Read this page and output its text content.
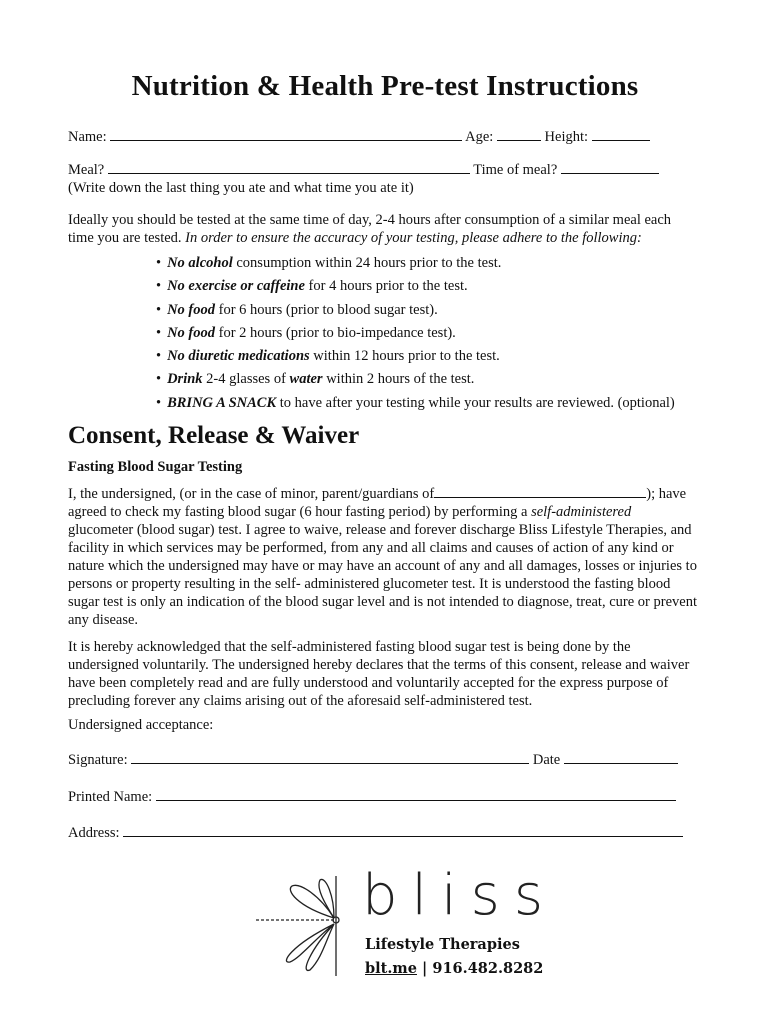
Nutrition & Health Pre-test Instructions
Name:	Age:	Height:
Meal?	Time of meal?
(Write down the last thing you ate and what time you ate it)
Ideally you should be tested at the same time of day, 2-4 hours after consumption of a similar meal each time you are tested. In order to ensure the accuracy of your testing, please adhere to the following:
• No alcohol consumption within 24 hours prior to the test.
• No exercise or caffeine for 4 hours prior to the test.
• No food for 6 hours (prior to blood sugar test).
• No food for 2 hours (prior to bio-impedance test).
• No diuretic medications within 12 hours prior to the test.
• Drink 2-4 glasses of water within 2 hours of the test.
• BRING A SNACK to have after your testing while your results are reviewed. (optional)
Consent, Release & Waiver
Fasting Blood Sugar Testing
I, the undersigned, (or in the case of minor, parent/guardians of	); have agreed to check my fasting blood sugar (6 hour fasting period) by performing a self-administered glucometer (blood sugar) test. I agree to waive, release and forever discharge Bliss Lifestyle Therapies, and facility in which services may be performed, from any and all claims and causes of action of any kind or nature which the undersigned may have or may have an account of any and all damages, losses or injuries to persons or property resulting in the self- administered glucometer test. It is understood the fasting blood sugar test is only an indication of the blood sugar level and is not intended to diagnose, treat, cure or prevent any disease.
It is hereby acknowledged that the self-administered fasting blood sugar test is being done by the undersigned voluntarily. The undersigned hereby declares that the terms of this consent, release and waiver have been completely read and are fully understood and voluntarily accepted for the express purpose of precluding forever any claims arising out of the aforesaid self-administered test.
Undersigned acceptance:
Signature:	Date
Printed Name:
Address:
bliss
Lifestyle Therapies
blt.me | 916.482.8282
